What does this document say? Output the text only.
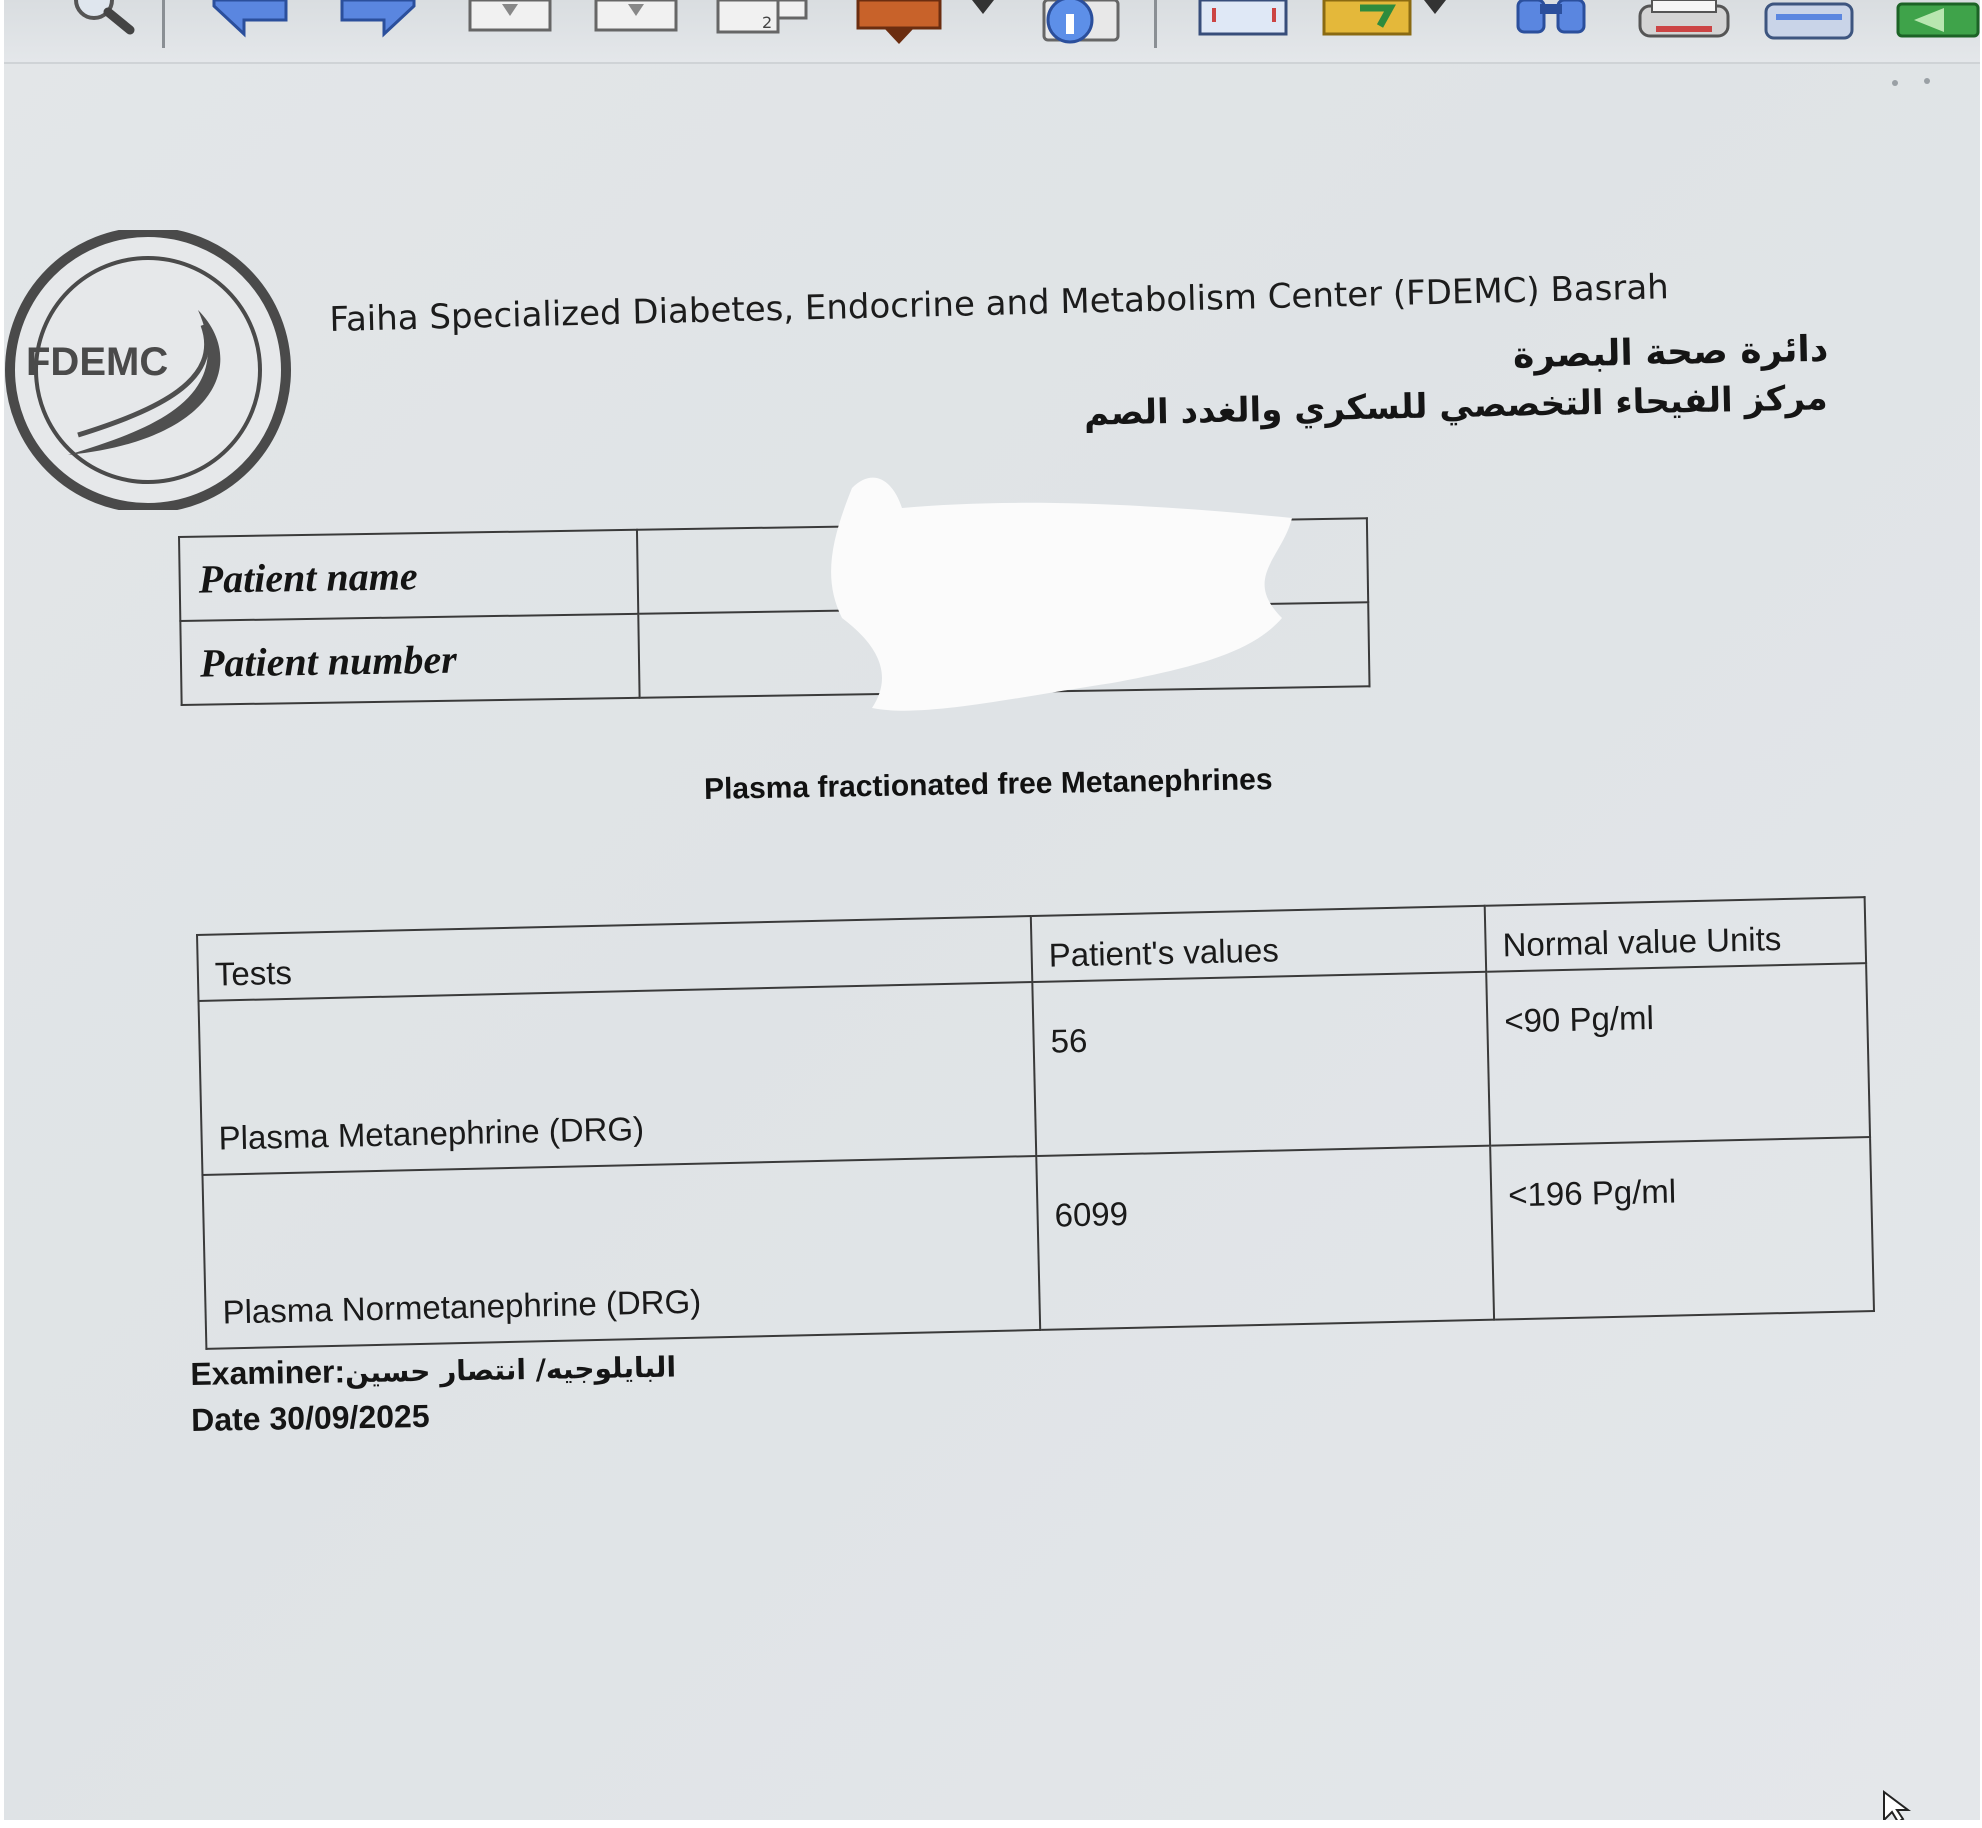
2
FDEMC
Faiha Specialized Diabetes, Endocrine and Metabolism Center (FDEMC) Basrah
دائرة صحة البصرة
مركز الفيحاء التخصصي للسكري والغدد الصم
Patient name	
Patient number	
Plasma fractionated free Metanephrines
Tests	Patient's values	Normal value Units
Plasma Metanephrine (DRG)	56	<90 Pg/ml
Plasma Normetanephrine (DRG)	6099	<196 Pg/ml
Examiner:البايلوجيه/ انتصار حسين
Date 30/09/2025
